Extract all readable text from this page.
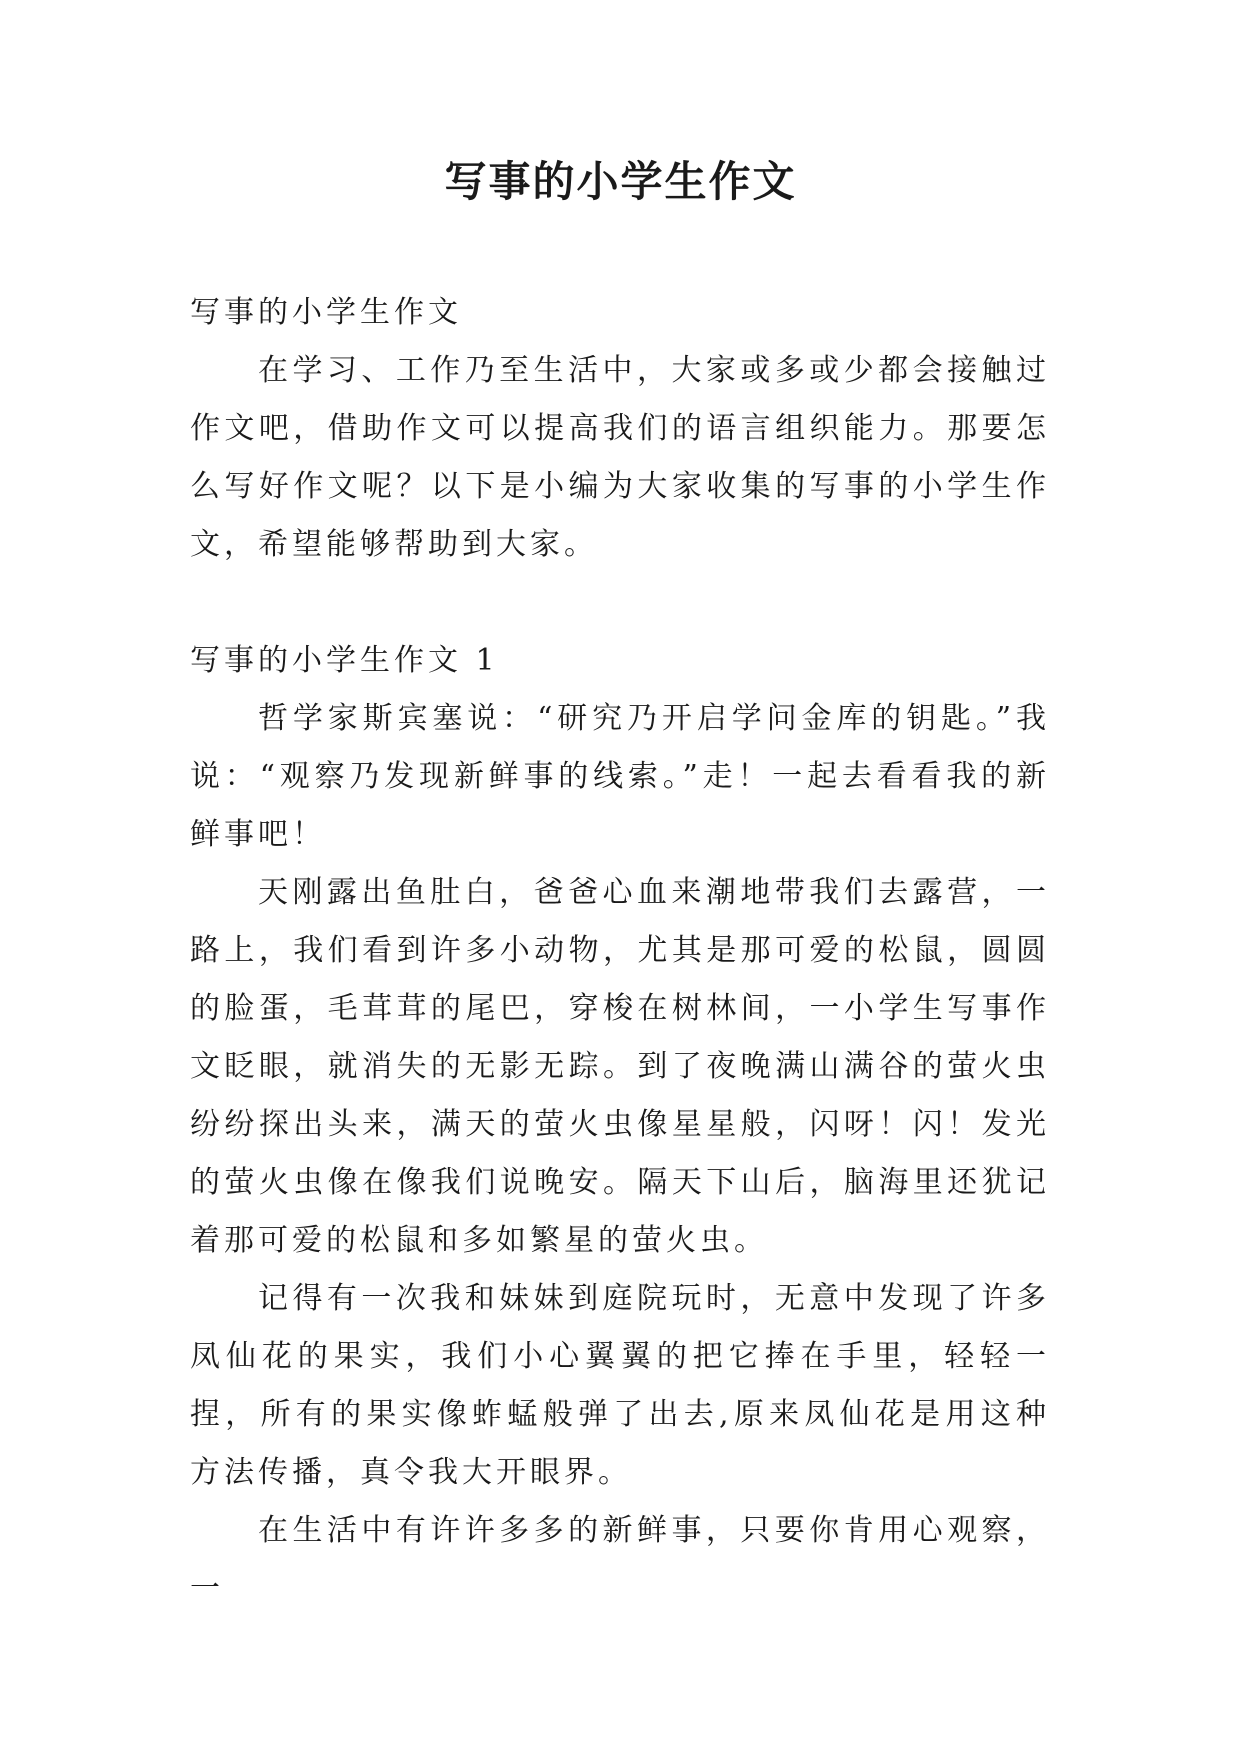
写事的小学生作文

写事的小学生作文

在学习、工作乃至生活中，大家或多或少都会接触过作文吧，借助作文可以提高我们的语言组织能力。那要怎么写好作文呢？以下是小编为大家收集的写事的小学生作文，希望能够帮助到大家。

写事的小学生作文 1

哲学家斯宾塞说：“研究乃开启学问金库的钥匙。”我说：“观察乃发现新鲜事的线索。”走！一起去看看我的新鲜事吧！

天刚露出鱼肚白，爸爸心血来潮地带我们去露营，一路上，我们看到许多小动物，尤其是那可爱的松鼠，圆圆的脸蛋，毛茸茸的尾巴，穿梭在树林间，一小学生写事作文眨眼，就消失的无影无踪。到了夜晚满山满谷的萤火虫纷纷探出头来，满天的萤火虫像星星般，闪呀！闪！发光的萤火虫像在像我们说晚安。隔天下山后，脑海里还犹记着那可爱的松鼠和多如繁星的萤火虫。

记得有一次我和妹妹到庭院玩时，无意中发现了许多凤仙花的果实，我们小心翼翼的把它捧在手里，轻轻一捏，所有的果实像蚱蜢般弹了出去,原来凤仙花是用这种方法传播，真令我大开眼界。

在生活中有许许多多的新鲜事，只要你肯用心观察，一
